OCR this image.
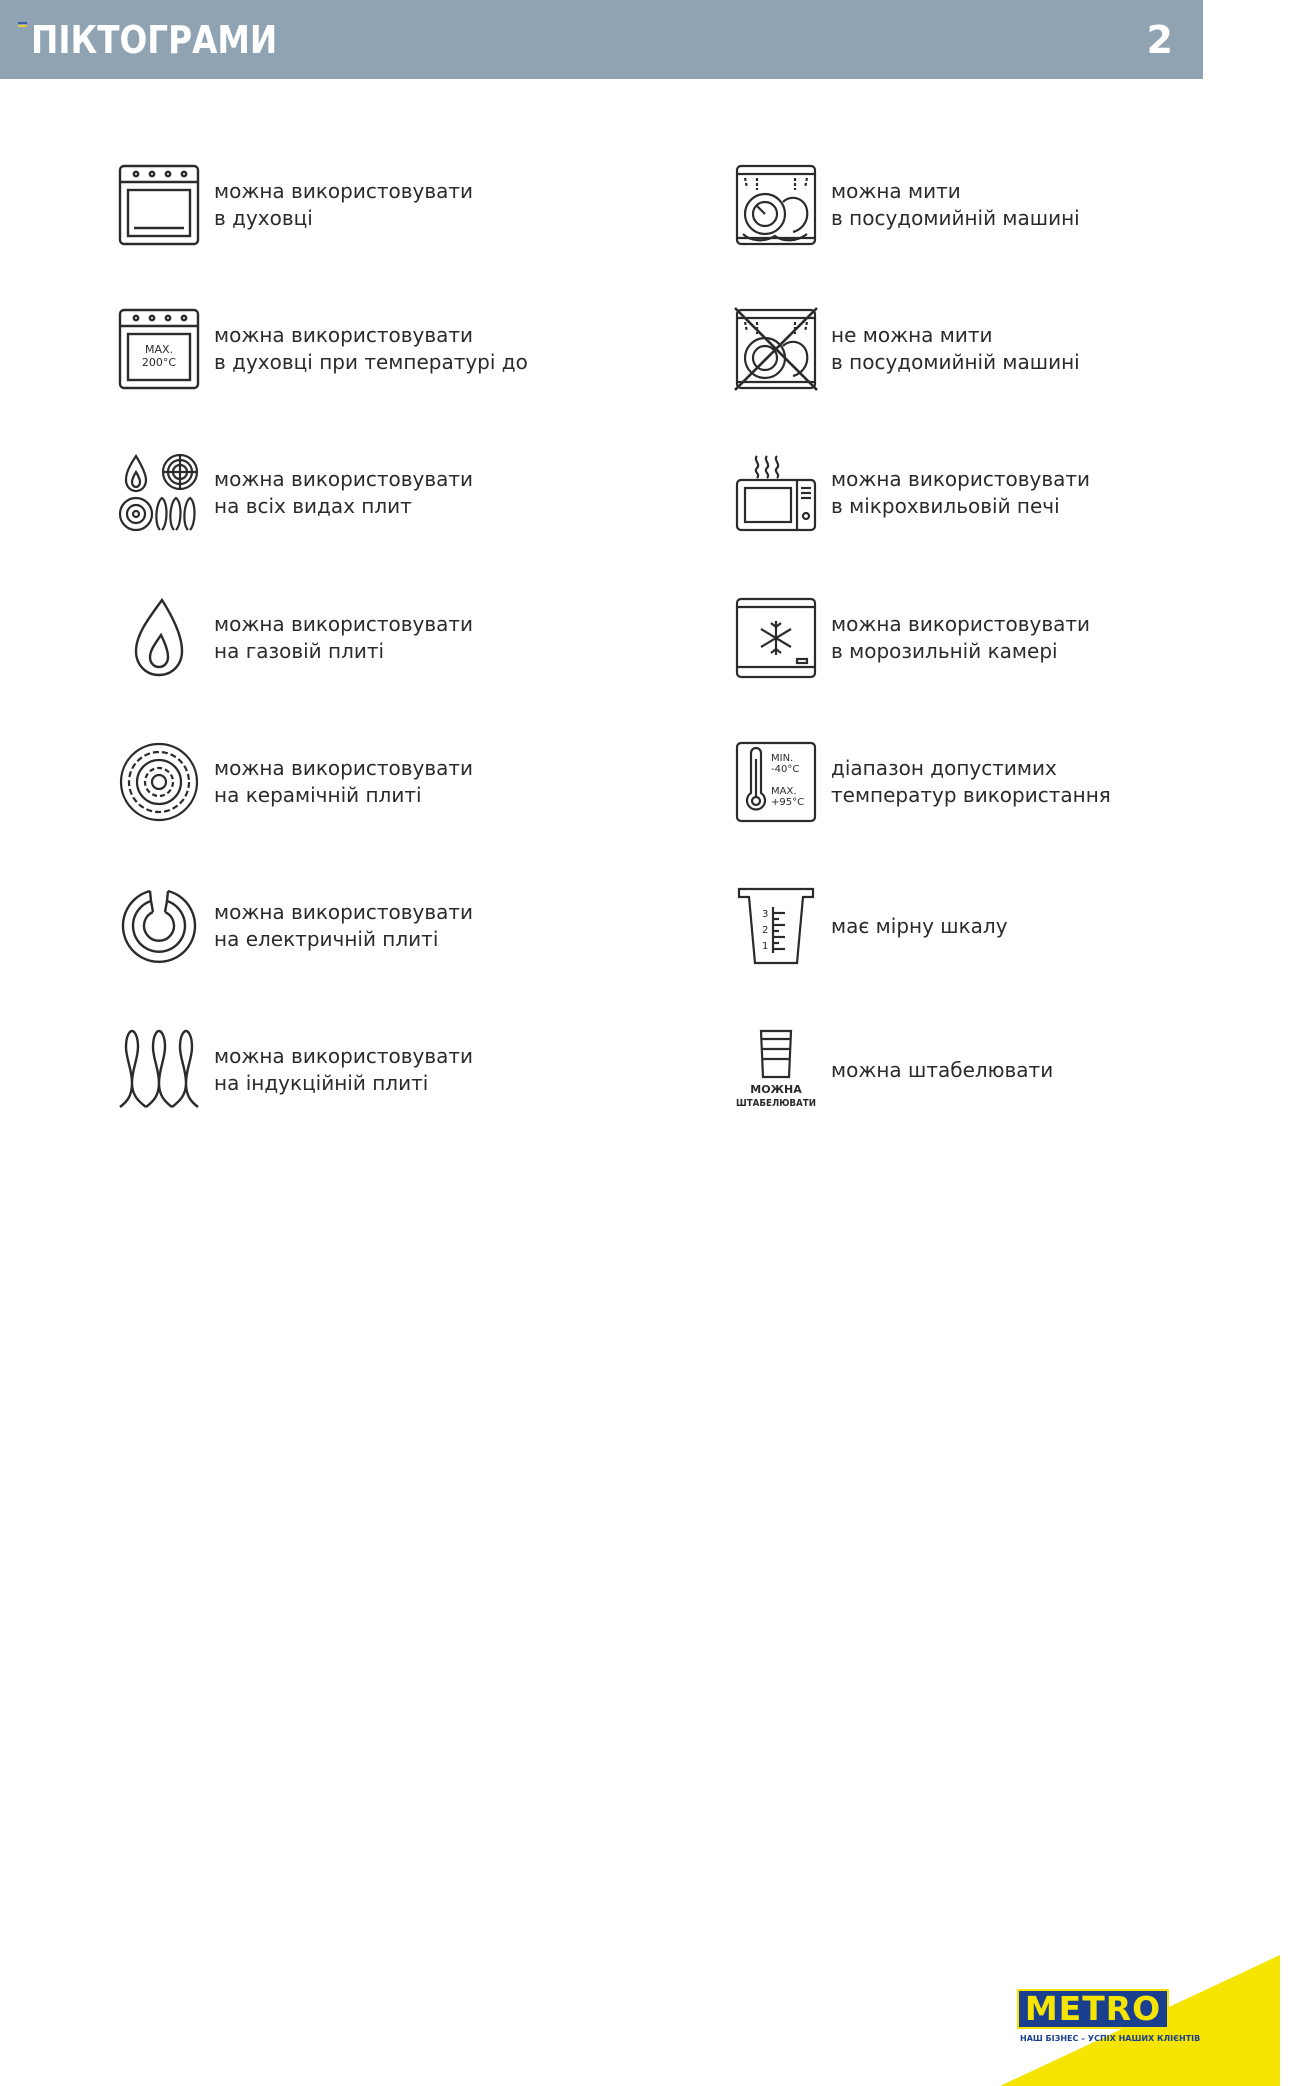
ПІКТОГРАМИ	2
можна використовувати
в духовці
MAX.
200°C
можна використовувати
в духовці при температурі до
можна використовувати
на всіх видах плит
можна використовувати
на газовій плиті
можна використовувати
на керамічній плиті
можна використовувати
на електричній плиті
можна використовувати
на індукційній плиті
можна мити
в посудомийній машині
не можна мити
в посудомийній машині
можна використовувати
в мікрохвильовій печі
можна використовувати
в морозильній камері
MIN.
-40°C
MAX.
+95°C
діапазон допустимих
температур використання
3
2
1
має мірну шкалу
МОЖНА
ШТАБЕЛЮВАТИ
можна штабелювати
METRO
НАШ БІЗНЕС – УСПІХ НАШИХ КЛІЄНТІВ
